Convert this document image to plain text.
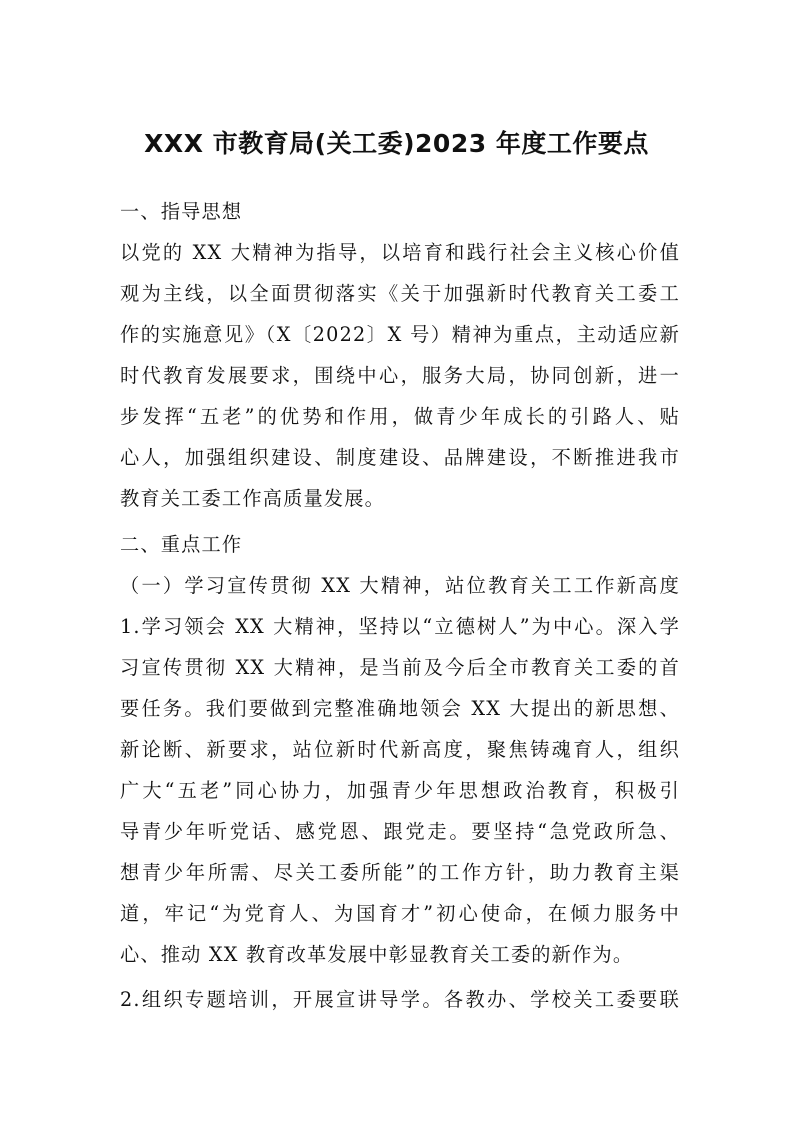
XXX 市教育局(关工委)2023 年度工作要点
一、指导思想
以党的 XX 大精神为指导，以培育和践行社会主义核心价值
观为主线，以全面贯彻落实《关于加强新时代教育关工委工
作的实施意见》（X〔2022〕X 号）精神为重点，主动适应新
时代教育发展要求，围绕中心，服务大局，协同创新，进一
步发挥“五老”的优势和作用，做青少年成长的引路人、贴
心人，加强组织建设、制度建设、品牌建设，不断推进我市
教育关工委工作高质量发展。
二、重点工作
（一）学习宣传贯彻 XX 大精神，站位教育关工工作新高度
1.学习领会 XX 大精神，坚持以“立德树人”为中心。深入学
习宣传贯彻 XX 大精神，是当前及今后全市教育关工委的首
要任务。我们要做到完整准确地领会 XX 大提出的新思想、
新论断、新要求，站位新时代新高度，聚焦铸魂育人，组织
广大“五老”同心协力，加强青少年思想政治教育，积极引
导青少年听党话、感党恩、跟党走。要坚持“急党政所急、
想青少年所需、尽关工委所能”的工作方针，助力教育主渠
道，牢记“为党育人、为国育才”初心使命，在倾力服务中
心、推动 XX 教育改革发展中彰显教育关工委的新作为。
2.组织专题培训，开展宣讲导学。各教办、学校关工委要联
